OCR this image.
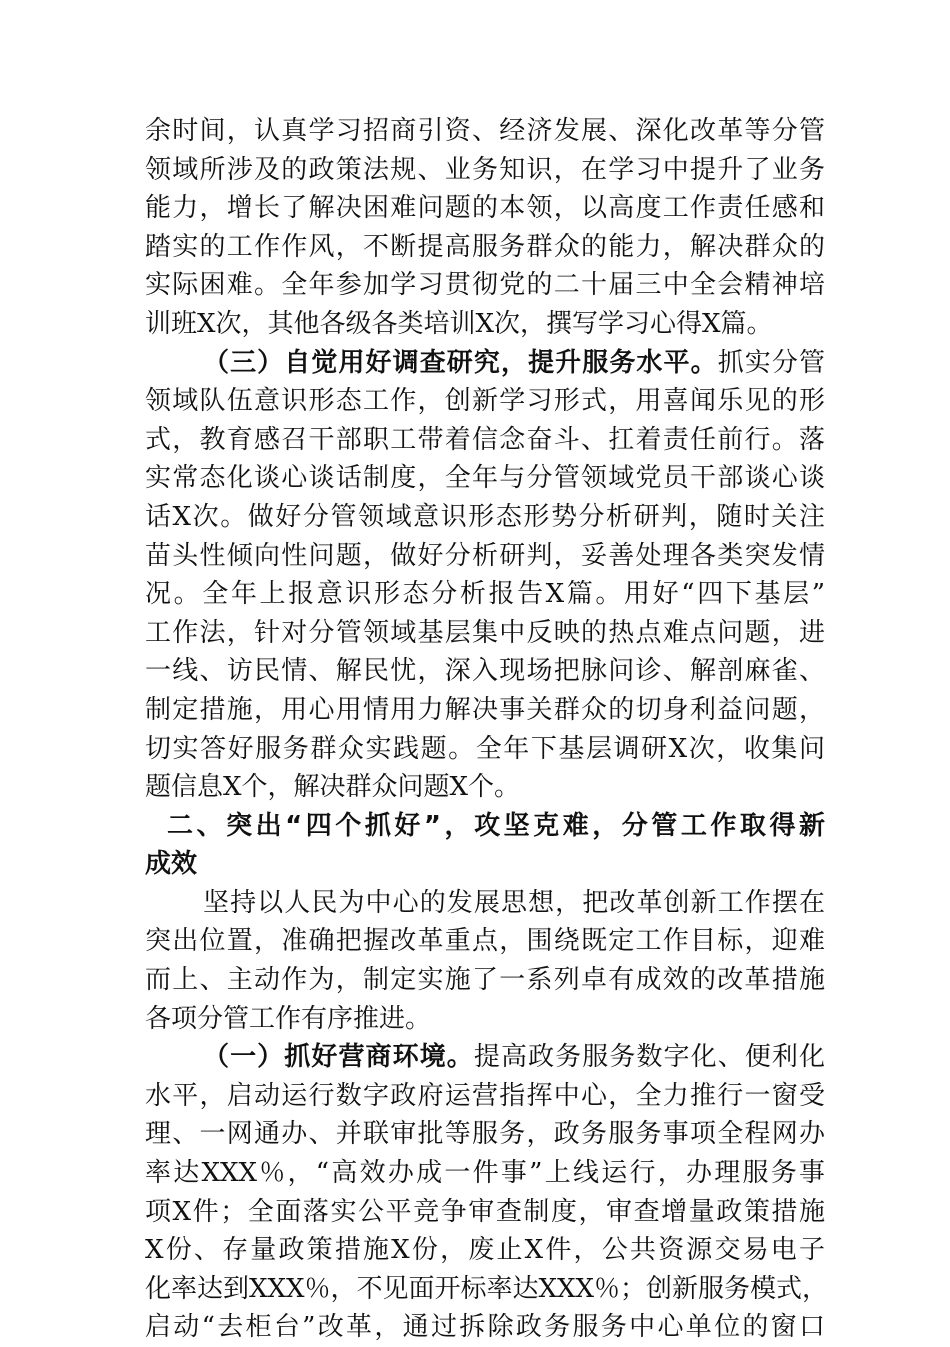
余时间，认真学习招商引资、经济发展、深化改革等分管
领域所涉及的政策法规、业务知识，在学习中提升了业务
能力，增长了解决困难问题的本领，以高度工作责任感和
踏实的工作作风，不断提高服务群众的能力，解决群众的
实际困难。全年参加学习贯彻党的二十届三中全会精神培
训班X次，其他各级各类培训X次，撰写学习心得X篇。
（三）自觉用好调查研究，提升服务水平。抓实分管
领域队伍意识形态工作，创新学习形式，用喜闻乐见的形
式，教育感召干部职工带着信念奋斗、扛着责任前行。落
实常态化谈心谈话制度，全年与分管领域党员干部谈心谈
话X次。做好分管领域意识形态形势分析研判，随时关注
苗头性倾向性问题，做好分析研判，妥善处理各类突发情
况。全年上报意识形态分析报告X篇。用好“四下基层”
工作法，针对分管领域基层集中反映的热点难点问题，进
一线、访民情、解民忧，深入现场把脉问诊、解剖麻雀、
制定措施，用心用情用力解决事关群众的切身利益问题，
切实答好服务群众实践题。全年下基层调研X次，收集问
题信息X个，解决群众问题X个。
二、突出“四个抓好”，攻坚克难，分管工作取得新
成效
坚持以人民为中心的发展思想，把改革创新工作摆在
突出位置，准确把握改革重点，围绕既定工作目标，迎难
而上、主动作为，制定实施了一系列卓有成效的改革措施
各项分管工作有序推进。
（一）抓好营商环境。提高政务服务数字化、便利化
水平，启动运行数字政府运营指挥中心，全力推行一窗受
理、一网通办、并联审批等服务，政务服务事项全程网办
率达XXX％，“高效办成一件事”上线运行，办理服务事
项X件；全面落实公平竞争审查制度，审查增量政策措施
X份、存量政策措施X份，废止X件，公共资源交易电子
化率达到XXX％，不见面开标率达XXX％；创新服务模式，
启动“去柜台”改革，通过拆除政务服务中心单位的窗口
